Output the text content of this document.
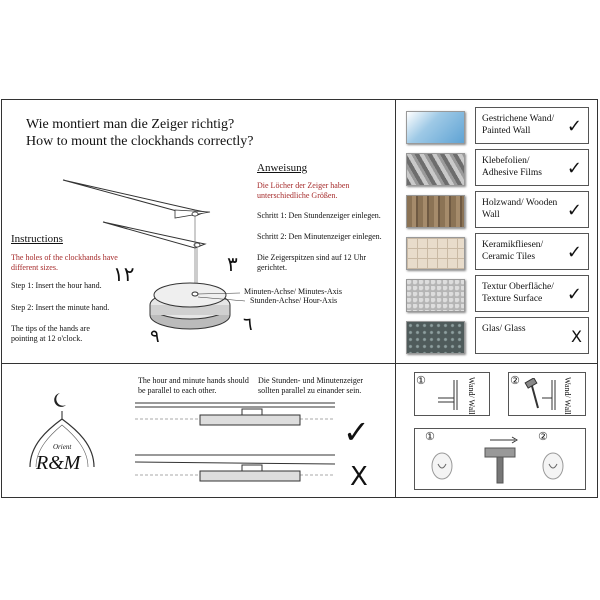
Wie montiert man die Zeiger richtig?
How to mount the clockhands correctly?
Instructions
The holes of the clockhands have different sizes.
Step 1: Insert the hour hand.
Step 2: Insert the minute hand.
The tips of the hands are pointing at 12 o'clock.
Anweisung
Die Löcher der Zeiger haben unterschiedliche Größen.
Schritt 1: Den Stundenzeiger einlegen.
Schritt 2: Den Minutenzeiger einlegen.
Die Zeigerspitzen sind auf 12 Uhr gerichtet.
١٢	٣
٩
٦
Minuten-Achse/ Minutes-Axis
Stunden-Achse/ Hour-Axis
Gestrichene Wand/ Painted Wall	✓
Klebefolien/ Adhesive Films	✓
Holzwand/ Wooden Wall	✓
Keramikfliesen/ Ceramic Tiles	✓
Textur Oberfläche/ Texture Surface	✓
Glas/ Glass	X
Orient
R&M
The hour and minute hands should be parallel to each other.
Die Stunden- und Minutenzeiger sollten parallel zu einander sein.
✓
X
①	Wand/ Wall	②	Wand/ Wall
①	②
